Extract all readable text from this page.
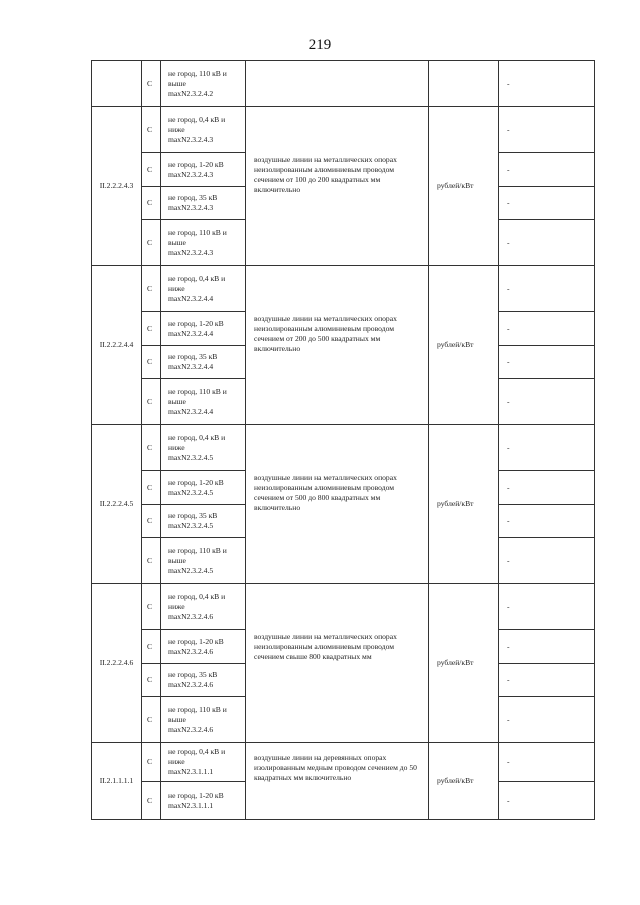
219
	С	не город, 110 кВ и
выше
maxN2.3.2.4.2			-
II.2.2.2.4.3	С	не город, 0,4 кВ и
ниже
maxN2.3.2.4.3	воздушные линии на металлических опорах неизолированным алюминиевым проводом сечением от 100 до 200 квадратных мм включительно	рублей/кВт	-
	С	не город, 1-20 кВ
maxN2.3.2.4.3			-
	С	не город, 35 кВ
maxN2.3.2.4.3			-
	С	не город, 110 кВ и
выше
maxN2.3.2.4.3			-
II.2.2.2.4.4	С	не город, 0,4 кВ и
ниже
maxN2.3.2.4.4	воздушные линии на металлических опорах неизолированным алюминиевым проводом сечением от 200 до 500 квадратных мм включительно	рублей/кВт	-
	С	не город, 1-20 кВ
maxN2.3.2.4.4			-
	С	не город, 35 кВ
maxN2.3.2.4.4			-
	С	не город, 110 кВ и
выше
maxN2.3.2.4.4			-
II.2.2.2.4.5	С	не город, 0,4 кВ и
ниже
maxN2.3.2.4.5	воздушные линии на металлических опорах неизолированным алюминиевым проводом сечением от 500 до 800 квадратных мм включительно	рублей/кВт	-
	С	не город, 1-20 кВ
maxN2.3.2.4.5			-
	С	не город, 35 кВ
maxN2.3.2.4.5			-
	С	не город, 110 кВ и
выше
maxN2.3.2.4.5			-
II.2.2.2.4.6	С	не город, 0,4 кВ и
ниже
maxN2.3.2.4.6	воздушные линии на металлических опорах неизолированным алюминиевым проводом сечением свыше 800 квадратных мм	рублей/кВт	-
	С	не город, 1-20 кВ
maxN2.3.2.4.6			-
	С	не город, 35 кВ
maxN2.3.2.4.6			-
	С	не город, 110 кВ и
выше
maxN2.3.2.4.6			-
II.2.1.1.1.1	С	не город, 0,4 кВ и
ниже
maxN2.3.1.1.1	воздушные линии на деревянных опорах изолированным медным проводом сечением до 50 квадратных мм включительно	рублей/кВт	-
	С	не город, 1-20 кВ
maxN2.3.1.1.1			-
